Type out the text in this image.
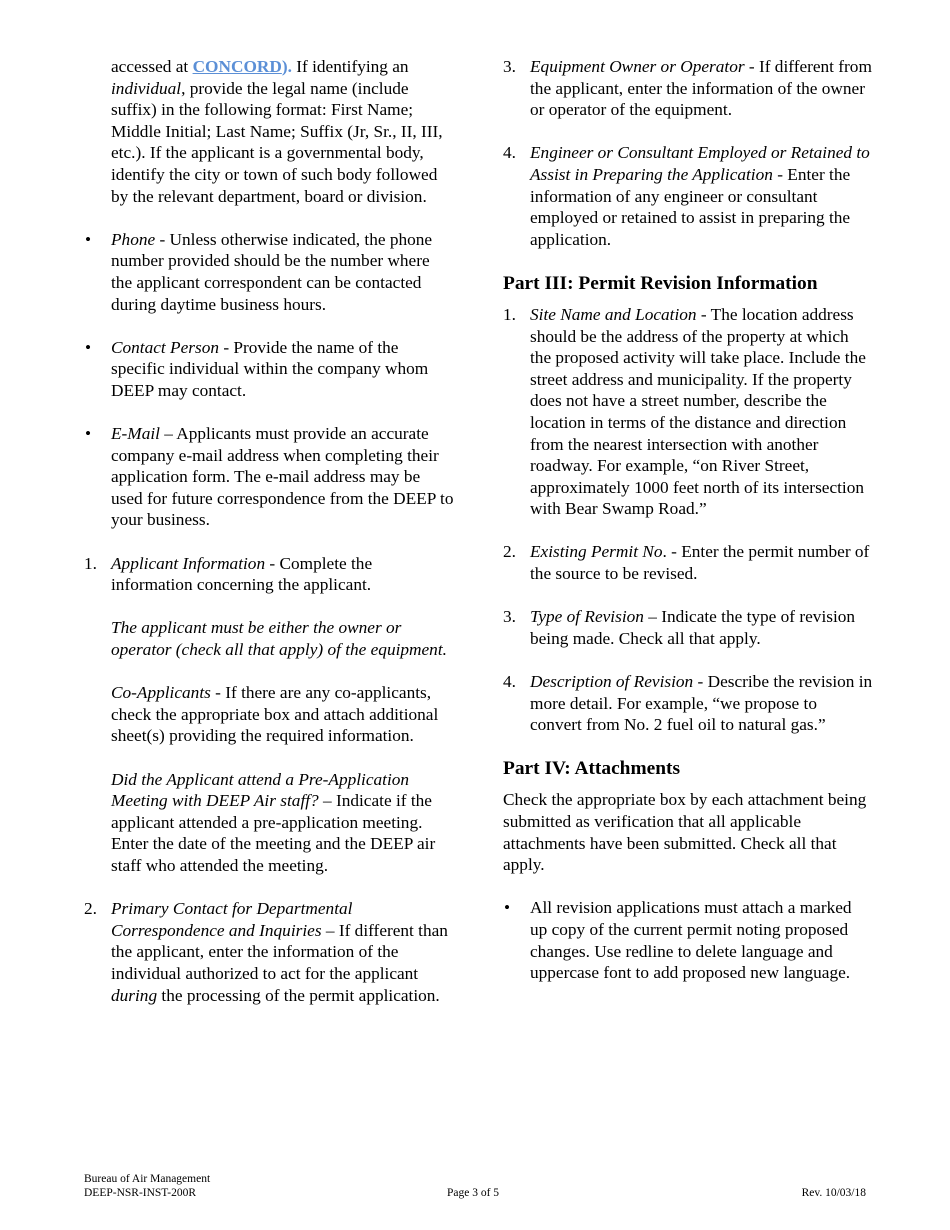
accessed at CONCORD). If identifying an individual, provide the legal name (include suffix) in the following format: First Name; Middle Initial; Last Name; Suffix (Jr, Sr., II, III, etc.). If the applicant is a governmental body, identify the city or town of such body followed by the relevant department, board or division.

• Phone - Unless otherwise indicated, the phone number provided should be the number where the applicant correspondent can be contacted during daytime business hours.

• Contact Person - Provide the name of the specific individual within the company whom DEEP may contact.

• E-Mail – Applicants must provide an accurate company e-mail address when completing their application form. The e-mail address may be used for future correspondence from the DEEP to your business.

1. Applicant Information - Complete the information concerning the applicant.

The applicant must be either the owner or operator (check all that apply) of the equipment.

Co-Applicants - If there are any co-applicants, check the appropriate box and attach additional sheet(s) providing the required information.

Did the Applicant attend a Pre-Application Meeting with DEEP Air staff? – Indicate if the applicant attended a pre-application meeting. Enter the date of the meeting and the DEEP air staff who attended the meeting.

2. Primary Contact for Departmental Correspondence and Inquiries – If different than the applicant, enter the information of the individual authorized to act for the applicant during the processing of the permit application.

3. Equipment Owner or Operator - If different from the applicant, enter the information of the owner or operator of the equipment.

4. Engineer or Consultant Employed or Retained to Assist in Preparing the Application - Enter the information of any engineer or consultant employed or retained to assist in preparing the application.

Part III: Permit Revision Information
1. Site Name and Location - The location address should be the address of the property at which the proposed activity will take place. Include the street address and municipality. If the property does not have a street number, describe the location in terms of the distance and direction from the nearest intersection with another roadway. For example, “on River Street, approximately 1000 feet north of its intersection with Bear Swamp Road.”

2. Existing Permit No. - Enter the permit number of the source to be revised.

3. Type of Revision – Indicate the type of revision being made. Check all that apply.

4. Description of Revision - Describe the revision in more detail. For example, “we propose to convert from No. 2 fuel oil to natural gas.”

Part IV: Attachments

Check the appropriate box by each attachment being submitted as verification that all applicable attachments have been submitted. Check all that apply.

• All revision applications must attach a marked up copy of the current permit noting proposed changes. Use redline to delete language and uppercase font to add proposed new language.

Bureau of Air Management
DEEP-NSR-INST-200R	Page 3 of 5	Rev. 10/03/18
